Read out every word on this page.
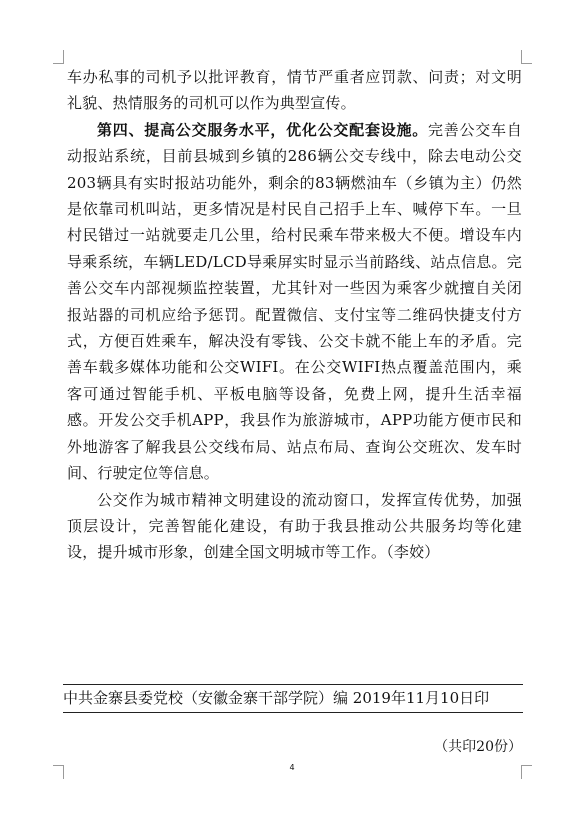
车办私事的司机予以批评教育，情节严重者应罚款、问责；对文明礼貌、热情服务的司机可以作为典型宣传。

第四、提高公交服务水平，优化公交配套设施。完善公交车自动报站系统，目前县城到乡镇的286辆公交专线中，除去电动公交203辆具有实时报站功能外，剩余的83辆燃油车（乡镇为主）仍然是依靠司机叫站，更多情况是村民自己招手上车、喊停下车。一旦村民错过一站就要走几公里，给村民乘车带来极大不便。增设车内导乘系统，车辆LED/LCD导乘屏实时显示当前路线、站点信息。完善公交车内部视频监控装置，尤其针对一些因为乘客少就擅自关闭报站器的司机应给予惩罚。配置微信、支付宝等二维码快捷支付方式，方便百姓乘车，解决没有零钱、公交卡就不能上车的矛盾。完善车载多媒体功能和公交WIFI。在公交WIFI热点覆盖范围内，乘客可通过智能手机、平板电脑等设备，免费上网，提升生活幸福感。开发公交手机APP，我县作为旅游城市，APP功能方便市民和外地游客了解我县公交线布局、站点布局、查询公交班次、发车时间、行驶定位等信息。

公交作为城市精神文明建设的流动窗口，发挥宣传优势，加强顶层设计，完善智能化建设，有助于我县推动公共服务均等化建设，提升城市形象，创建全国文明城市等工作。（李姣）

中共金寨县委党校（安徽金寨干部学院）编 2019年11月10日印
（共印20份）
4
